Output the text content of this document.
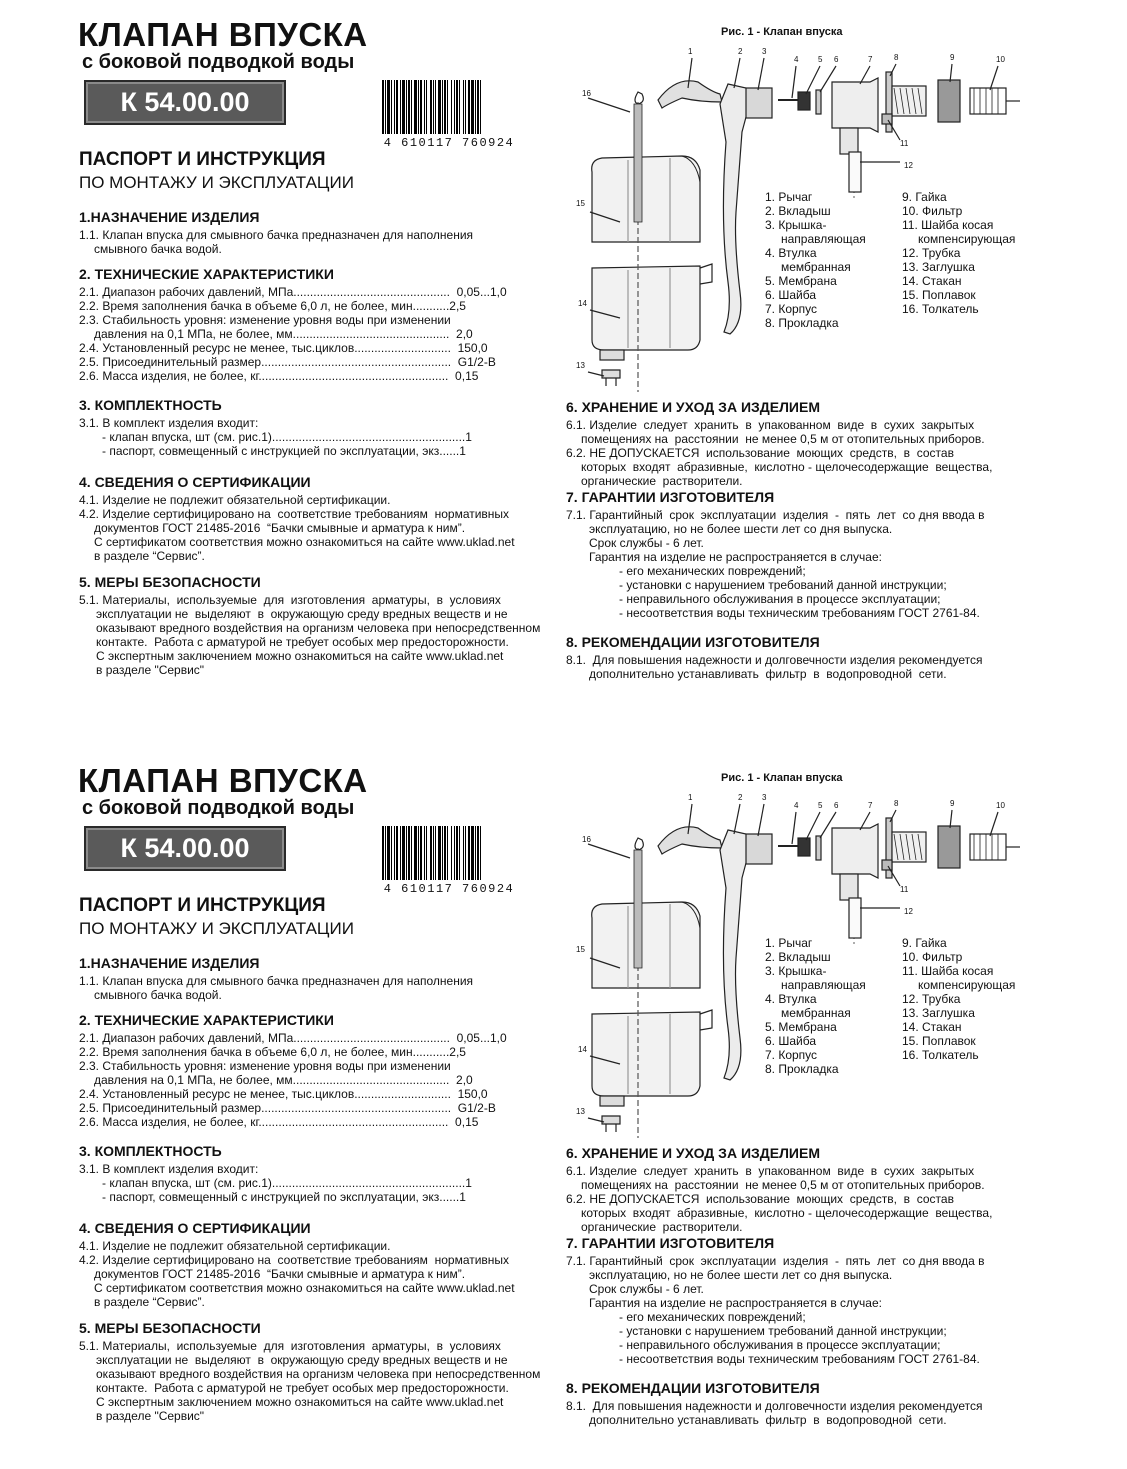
КЛАПАН ВПУСКА
с боковой подводкой воды
К 54.00.00
4 610117 760924
ПАСПОРТ И ИНСТРУКЦИЯ
ПО МОНТАЖУ И ЭКСПЛУАТАЦИИ
1.НАЗНАЧЕНИЕ ИЗДЕЛИЯ
1.1. Клапан впуска для смывного бачка предназначен для наполнения
смывного бачка водой.
2. ТЕХНИЧЕСКИЕ ХАРАКТЕРИСТИКИ
2.1. Диапазон рабочих давлений, МПа...............................................  0,05...1,0
2.2. Время заполнения бачка в объеме 6,0 л, не более, мин...........2,5
2.3. Стабильность уровня: изменение уровня воды при изменении
давления на 0,1 МПа, не более, мм...............................................  2,0
2.4. Установленный ресурс не менее, тыс.циклов.............................  150,0
2.5. Присоединительный размер.........................................................  G1/2-B
2.6. Масса изделия, не более, кг.........................................................  0,15
3. КОМПЛЕКТНОСТЬ
3.1. В комплект изделия входит:
- клапан впуска, шт (см. рис.1)..........................................................1
- паспорт, совмещенный с инструкцией по эксплуатации, экз......1
4. СВЕДЕНИЯ О СЕРТИФИКАЦИИ
4.1. Изделие не подлежит обязательной сертификации.
4.2. Изделие сертифицировано на  соответствие требованиям  нормативных
документов ГОСТ 21485-2016  “Бачки смывные и арматура к ним”.
С сертификатом соответствия можно ознакомиться на сайте www.uklad.net
в разделе “Сервис”.
5. МЕРЫ БЕЗОПАСНОСТИ
5.1. Материалы,  используемые  для  изготовления  арматуры,  в  условиях
эксплуатации не  выделяют  в  окружающую среду вредных веществ и не
оказывают вредного воздействия на организм человека при непосредственном
контакте.  Работа с арматурой не требует особых мер предосторожности.
С экспертным заключением можно ознакомиться на сайте www.uklad.net
в разделе "Сервис"
Рис. 1 - Клапан впуска
1	2 3
4 5 6	7	8	9	10
11
12
13
14
15
16
1. Рычаг
2. Вкладыш
3. Крышка-
направляющая
4. Втулка
мембранная
5. Мембрана
6. Шайба
7. Корпус
8. Прокладка
9. Гайка
10. Фильтр
11. Шайба косая
компенсирующая
12. Трубка
13. Заглушка
14. Стакан
15. Поплавок
16. Толкатель
6. ХРАНЕНИЕ И УХОД ЗА ИЗДЕЛИЕМ
6.1. Изделие  следует  хранить  в  упакованном  виде  в  сухих  закрытых
помещениях на  расстоянии  не менее 0,5 м от отопительных приборов.
6.2. НЕ ДОПУСКАЕТСЯ  использование  моющих  средств,  в  состав
которых  входят  абразивные,  кислотно - щелочесодержащие  вещества,
органические  растворители.
7. ГАРАНТИИ ИЗГОТОВИТЕЛЯ
7.1. Гарантийный  срок  эксплуатации  изделия  -  пять  лет  со дня ввода в
эксплуатацию, но не более шести лет со дня выпуска.
Срок службы - 6 лет.
Гарантия на изделие не распространяется в случае:
- его механических повреждений;
- установки с нарушением требований данной инструкции;
- неправильного обслуживания в процессе эксплуатации;
- несоответствия воды техническим требованиям ГОСТ 2761-84.
8. РЕКОМЕНДАЦИИ ИЗГОТОВИТЕЛЯ
8.1.  Для повышения надежности и долговечности изделия рекомендуется
дополнительно устанавливать  фильтр  в  водопроводной  сети.
КЛАПАН ВПУСКА
с боковой подводкой воды
К 54.00.00
4 610117 760924
ПАСПОРТ И ИНСТРУКЦИЯ
ПО МОНТАЖУ И ЭКСПЛУАТАЦИИ
1.НАЗНАЧЕНИЕ ИЗДЕЛИЯ
1.1. Клапан впуска для смывного бачка предназначен для наполнения
смывного бачка водой.
2. ТЕХНИЧЕСКИЕ ХАРАКТЕРИСТИКИ
2.1. Диапазон рабочих давлений, МПа...............................................  0,05...1,0
2.2. Время заполнения бачка в объеме 6,0 л, не более, мин...........2,5
2.3. Стабильность уровня: изменение уровня воды при изменении
давления на 0,1 МПа, не более, мм...............................................  2,0
2.4. Установленный ресурс не менее, тыс.циклов.............................  150,0
2.5. Присоединительный размер.........................................................  G1/2-B
2.6. Масса изделия, не более, кг.........................................................  0,15
3. КОМПЛЕКТНОСТЬ
3.1. В комплект изделия входит:
- клапан впуска, шт (см. рис.1)..........................................................1
- паспорт, совмещенный с инструкцией по эксплуатации, экз......1
4. СВЕДЕНИЯ О СЕРТИФИКАЦИИ
4.1. Изделие не подлежит обязательной сертификации.
4.2. Изделие сертифицировано на  соответствие требованиям  нормативных
документов ГОСТ 21485-2016  “Бачки смывные и арматура к ним”.
С сертификатом соответствия можно ознакомиться на сайте www.uklad.net
в разделе “Сервис”.
5. МЕРЫ БЕЗОПАСНОСТИ
5.1. Материалы,  используемые  для  изготовления  арматуры,  в  условиях
эксплуатации не  выделяют  в  окружающую среду вредных веществ и не
оказывают вредного воздействия на организм человека при непосредственном
контакте.  Работа с арматурой не требует особых мер предосторожности.
С экспертным заключением можно ознакомиться на сайте www.uklad.net
в разделе "Сервис"
Рис. 1 - Клапан впуска
1	2 3
4 5 6	7	8	9	10
11
12
13
14
15
16
1. Рычаг
2. Вкладыш
3. Крышка-
направляющая
4. Втулка
мембранная
5. Мембрана
6. Шайба
7. Корпус
8. Прокладка
9. Гайка
10. Фильтр
11. Шайба косая
компенсирующая
12. Трубка
13. Заглушка
14. Стакан
15. Поплавок
16. Толкатель
6. ХРАНЕНИЕ И УХОД ЗА ИЗДЕЛИЕМ
6.1. Изделие  следует  хранить  в  упакованном  виде  в  сухих  закрытых
помещениях на  расстоянии  не менее 0,5 м от отопительных приборов.
6.2. НЕ ДОПУСКАЕТСЯ  использование  моющих  средств,  в  состав
которых  входят  абразивные,  кислотно - щелочесодержащие  вещества,
органические  растворители.
7. ГАРАНТИИ ИЗГОТОВИТЕЛЯ
7.1. Гарантийный  срок  эксплуатации  изделия  -  пять  лет  со дня ввода в
эксплуатацию, но не более шести лет со дня выпуска.
Срок службы - 6 лет.
Гарантия на изделие не распространяется в случае:
- его механических повреждений;
- установки с нарушением требований данной инструкции;
- неправильного обслуживания в процессе эксплуатации;
- несоответствия воды техническим требованиям ГОСТ 2761-84.
8. РЕКОМЕНДАЦИИ ИЗГОТОВИТЕЛЯ
8.1.  Для повышения надежности и долговечности изделия рекомендуется
дополнительно устанавливать  фильтр  в  водопроводной  сети.
